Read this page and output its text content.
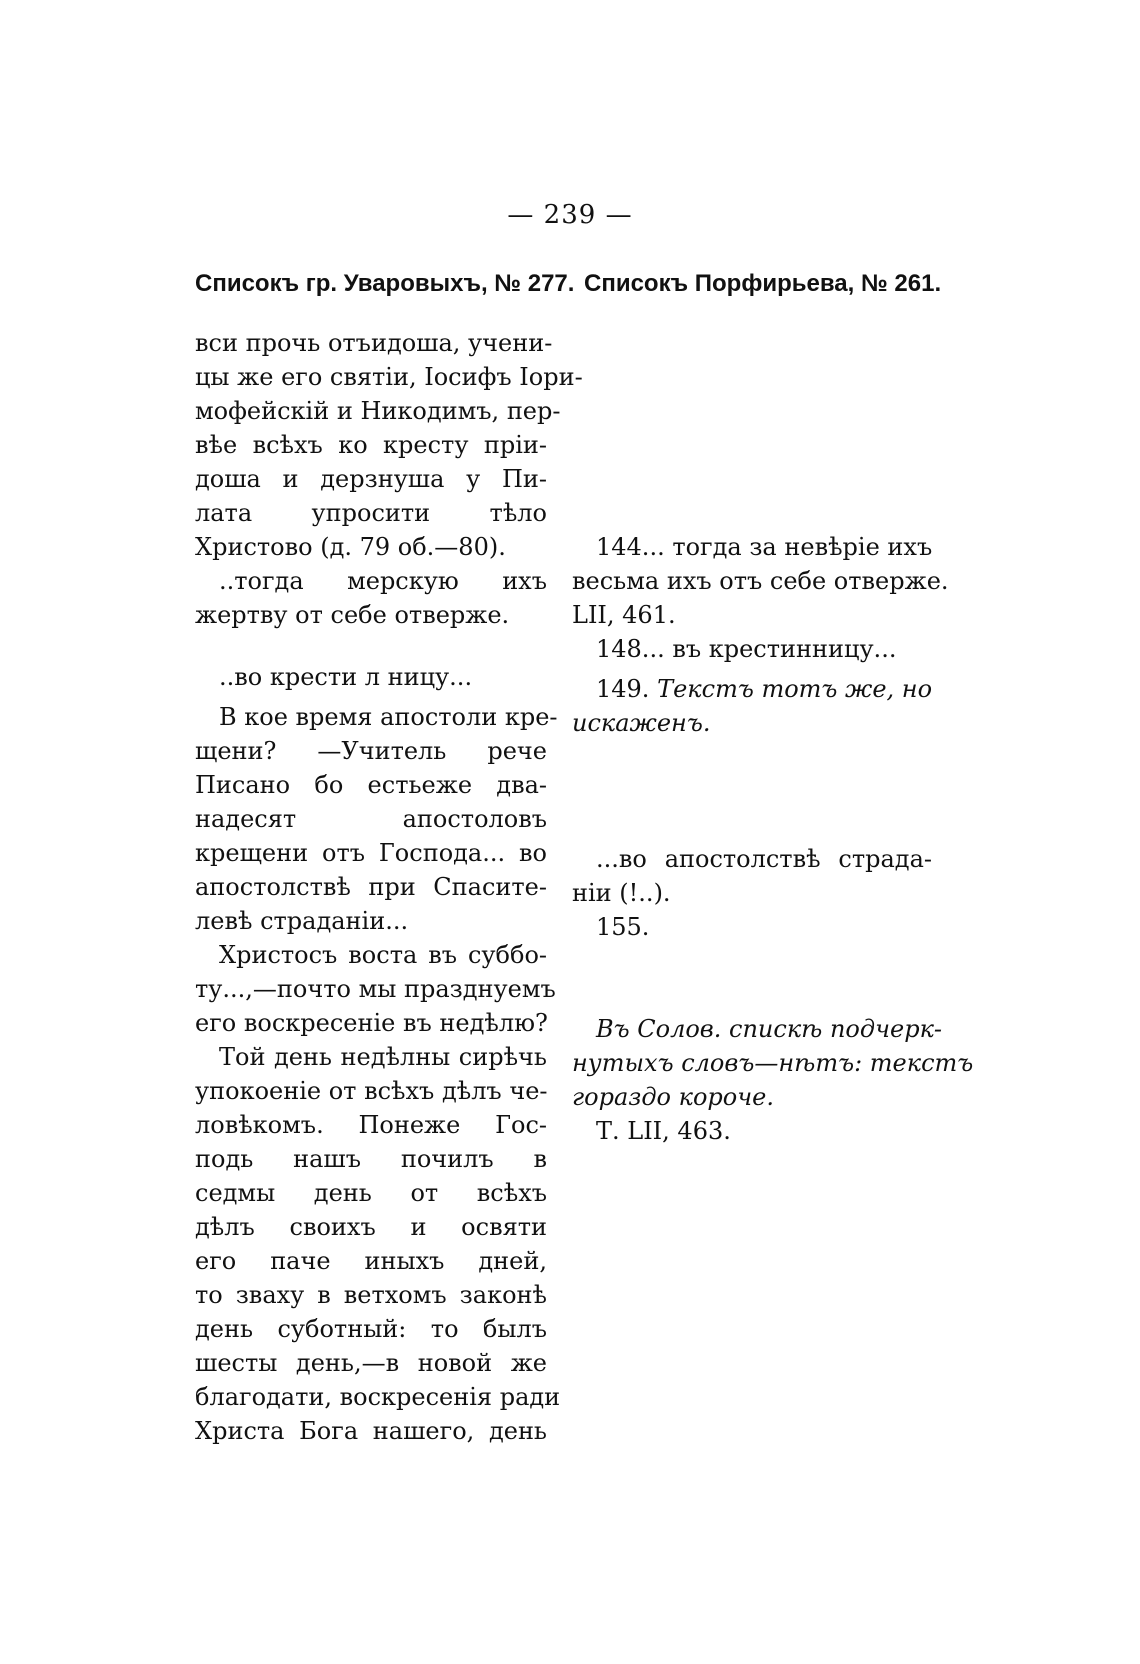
— 239 —
Списокъ гр. Уваровыхъ, № 277. Списокъ Порфирьева, № 261.
вси прочь отъидоша, учени-
цы же его святіи, Іосифъ Іори-
мофейскій и Никодимъ, пер-
вѣе всѣхъ ко кресту пріи-
доша и дерзнуша у Пи-
лата упросити тѣло
Христово (д. 79 об.—80).
..тогда мерскую ихъ
жертву от себе отверже.
..во крести л ницу...
В кое время апостоли кре-
щени? —Учитель рече
Писано бо естьеже два-
надесят апостоловъ
крещени отъ Господа... во
апостолствѣ при Спасите-
левѣ страданіи...
Христосъ воста въ суббо-
ту...,—почто мы празднуемъ
его воскресеніе въ недѣлю?
Той день недѣлны сирѣчь
упокоеніе от всѣхъ дѣлъ че-
ловѣкомъ. Понеже Гос-
подь нашъ почилъ в
седмы день от всѣхъ
дѣлъ своихъ и освяти
его паче иныхъ дней,
то зваху в ветхомъ законѣ
день суботный: то былъ
шесты день,—в новой же
благодати, воскресенія ради
Христа Бога нашего, день
144... тогда за невѣріе ихъ
весьма ихъ отъ себе отверже.
LII, 461.
148... въ крестинницу...
149. Текстъ тотъ же, но
искаженъ.
...во апостолствѣ страда-
ніи (!..).
155.
Въ Солов. спискѣ подчерк-
нутыхъ словъ—нѣтъ: текстъ
гораздо короче.
Т. LII, 463.
